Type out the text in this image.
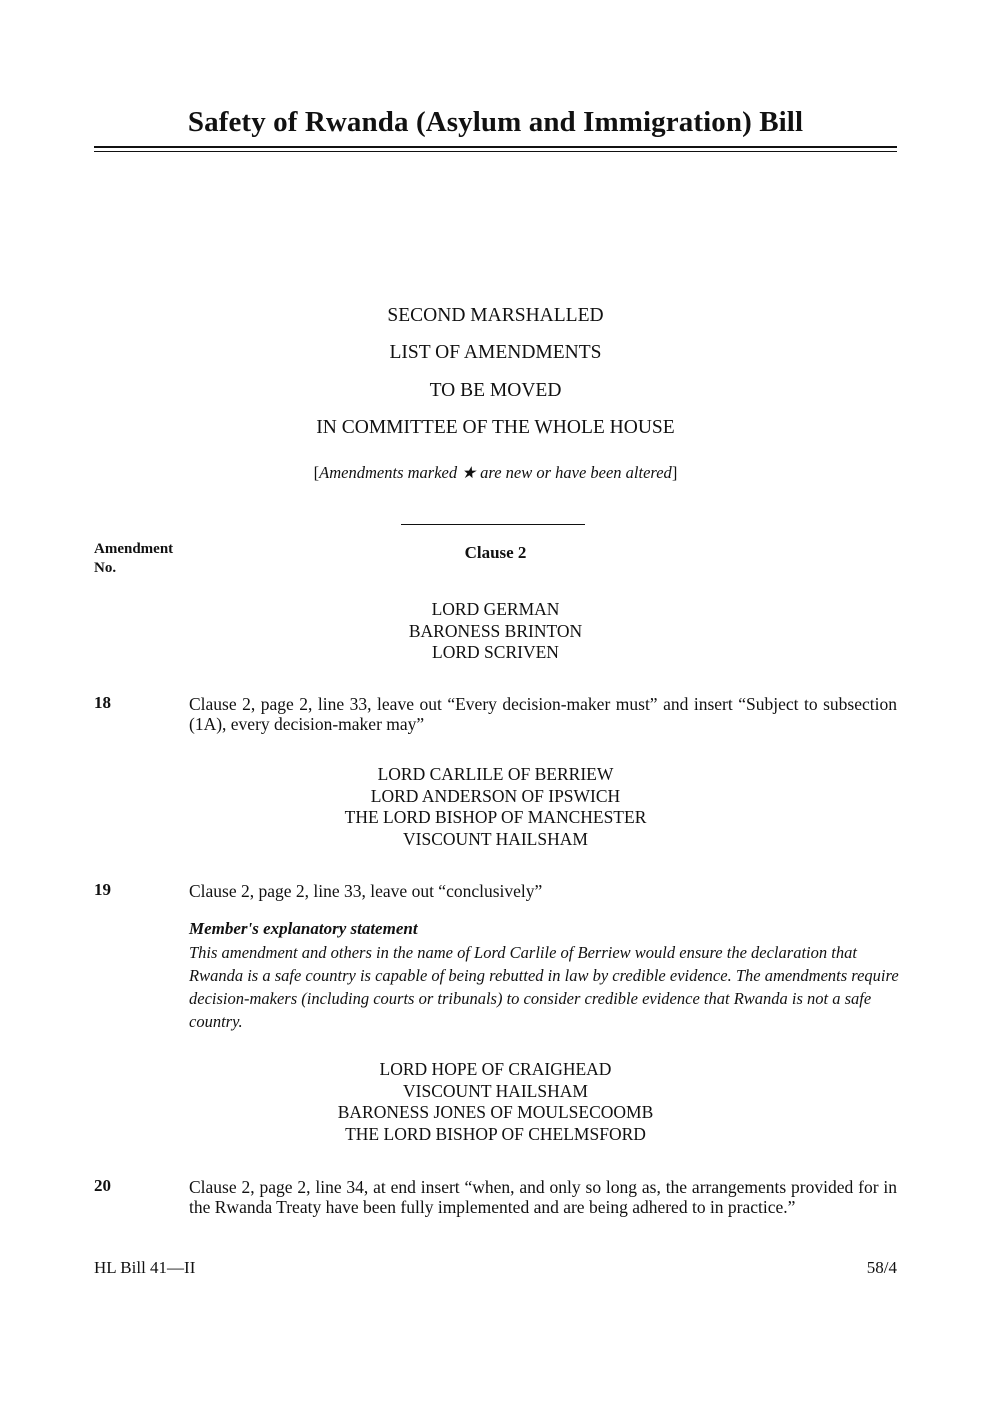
Safety of Rwanda (Asylum and Immigration) Bill
SECOND MARSHALLED
LIST OF AMENDMENTS
TO BE MOVED
IN COMMITTEE OF THE WHOLE HOUSE
[Amendments marked ★ are new or have been altered]
Amendment
No.
Clause 2
LORD GERMAN
BARONESS BRINTON
LORD SCRIVEN
18	Clause 2, page 2, line 33, leave out “Every decision-maker must” and insert “Subject to subsection (1A), every decision-maker may”
LORD CARLILE OF BERRIEW
LORD ANDERSON OF IPSWICH
THE LORD BISHOP OF MANCHESTER
VISCOUNT HAILSHAM
19	Clause 2, page 2, line 33, leave out “conclusively”
Member's explanatory statement
This amendment and others in the name of Lord Carlile of Berriew would ensure the declaration that Rwanda is a safe country is capable of being rebutted in law by credible evidence. The amendments require decision-makers (including courts or tribunals) to consider credible evidence that Rwanda is not a safe country.
LORD HOPE OF CRAIGHEAD
VISCOUNT HAILSHAM
BARONESS JONES OF MOULSECOOMB
THE LORD BISHOP OF CHELMSFORD
20	Clause 2, page 2, line 34, at end insert “when, and only so long as, the arrangements provided for in the Rwanda Treaty have been fully implemented and are being adhered to in practice.”
HL Bill 41—II	58/4
